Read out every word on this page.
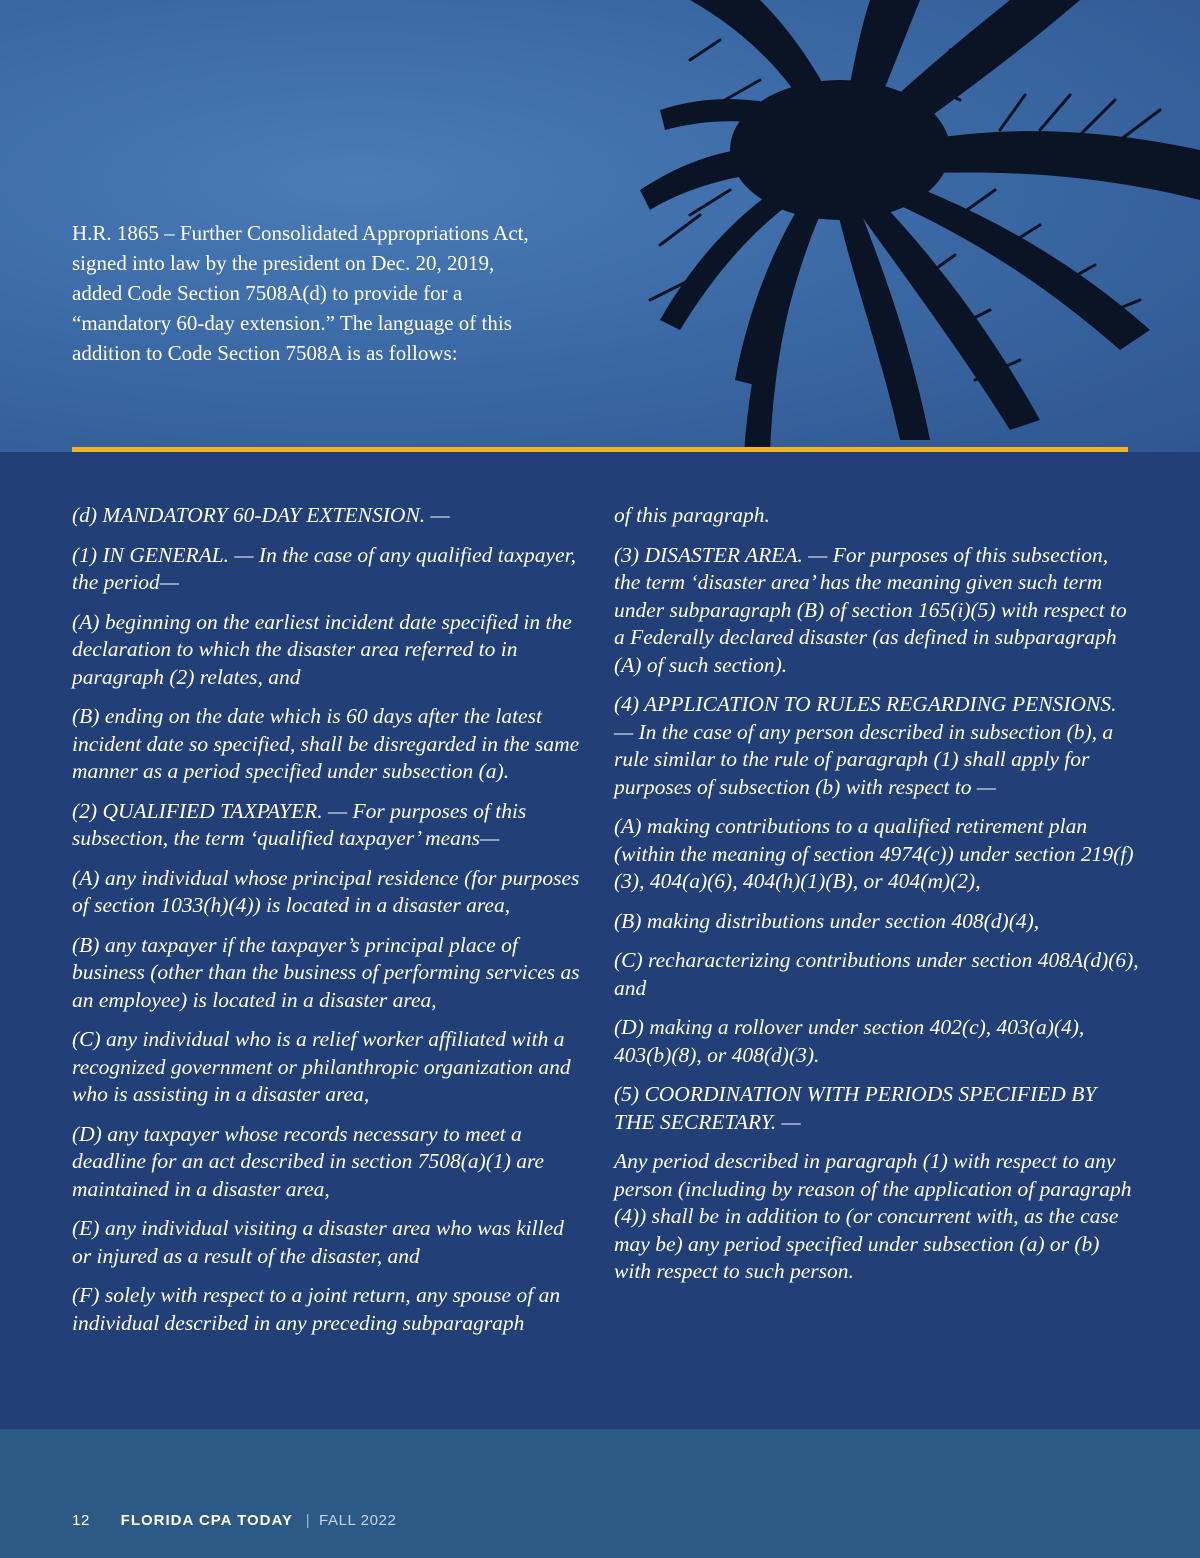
H.R. 1865 – Further Consolidated Appropriations Act, signed into law by the president on Dec. 20, 2019, added Code Section 7508A(d) to provide for a “mandatory 60-day extension.” The language of this addition to Code Section 7508A is as follows:

(d) MANDATORY 60-DAY EXTENSION. —

(1) IN GENERAL. — In the case of any qualified taxpayer, the period—

(A) beginning on the earliest incident date specified in the declaration to which the disaster area referred to in paragraph (2) relates, and

(B) ending on the date which is 60 days after the latest incident date so specified, shall be disregarded in the same manner as a period specified under subsection (a).

(2) QUALIFIED TAXPAYER. — For purposes of this subsection, the term ‘qualified taxpayer’ means—

(A) any individual whose principal residence (for purposes of section 1033(h)(4)) is located in a disaster area,

(B) any taxpayer if the taxpayer’s principal place of business (other than the business of performing services as an employee) is located in a disaster area,

(C) any individual who is a relief worker affiliated with a recognized government or philanthropic organization and who is assisting in a disaster area,

(D) any taxpayer whose records necessary to meet a deadline for an act described in section 7508(a)(1) are maintained in a disaster area,

(E) any individual visiting a disaster area who was killed or injured as a result of the disaster, and

(F) solely with respect to a joint return, any spouse of an individual described in any preceding subparagraph

of this paragraph.

(3) DISASTER AREA. — For purposes of this subsection, the term ‘disaster area’ has the meaning given such term under subparagraph (B) of section 165(i)(5) with respect to a Federally declared disaster (as defined in subparagraph (A) of such section).

(4) APPLICATION TO RULES REGARDING PENSIONS. — In the case of any person described in subsection (b), a rule similar to the rule of paragraph (1) shall apply for purposes of subsection (b) with respect to —

(A) making contributions to a qualified retirement plan (within the meaning of section 4974(c)) under section 219(f)(3), 404(a)(6), 404(h)(1)(B), or 404(m)(2),

(B) making distributions under section 408(d)(4),

(C) recharacterizing contributions under section 408A(d)(6), and

(D) making a rollover under section 402(c), 403(a)(4), 403(b)(8), or 408(d)(3).

(5) COORDINATION WITH PERIODS SPECIFIED BY THE SECRETARY. —

Any period described in paragraph (1) with respect to any person (including by reason of the application of paragraph (4)) shall be in addition to (or concurrent with, as the case may be) any period specified under subsection (a) or (b) with respect to such person.

12 FLORIDA CPA TODAY | FALL 2022
